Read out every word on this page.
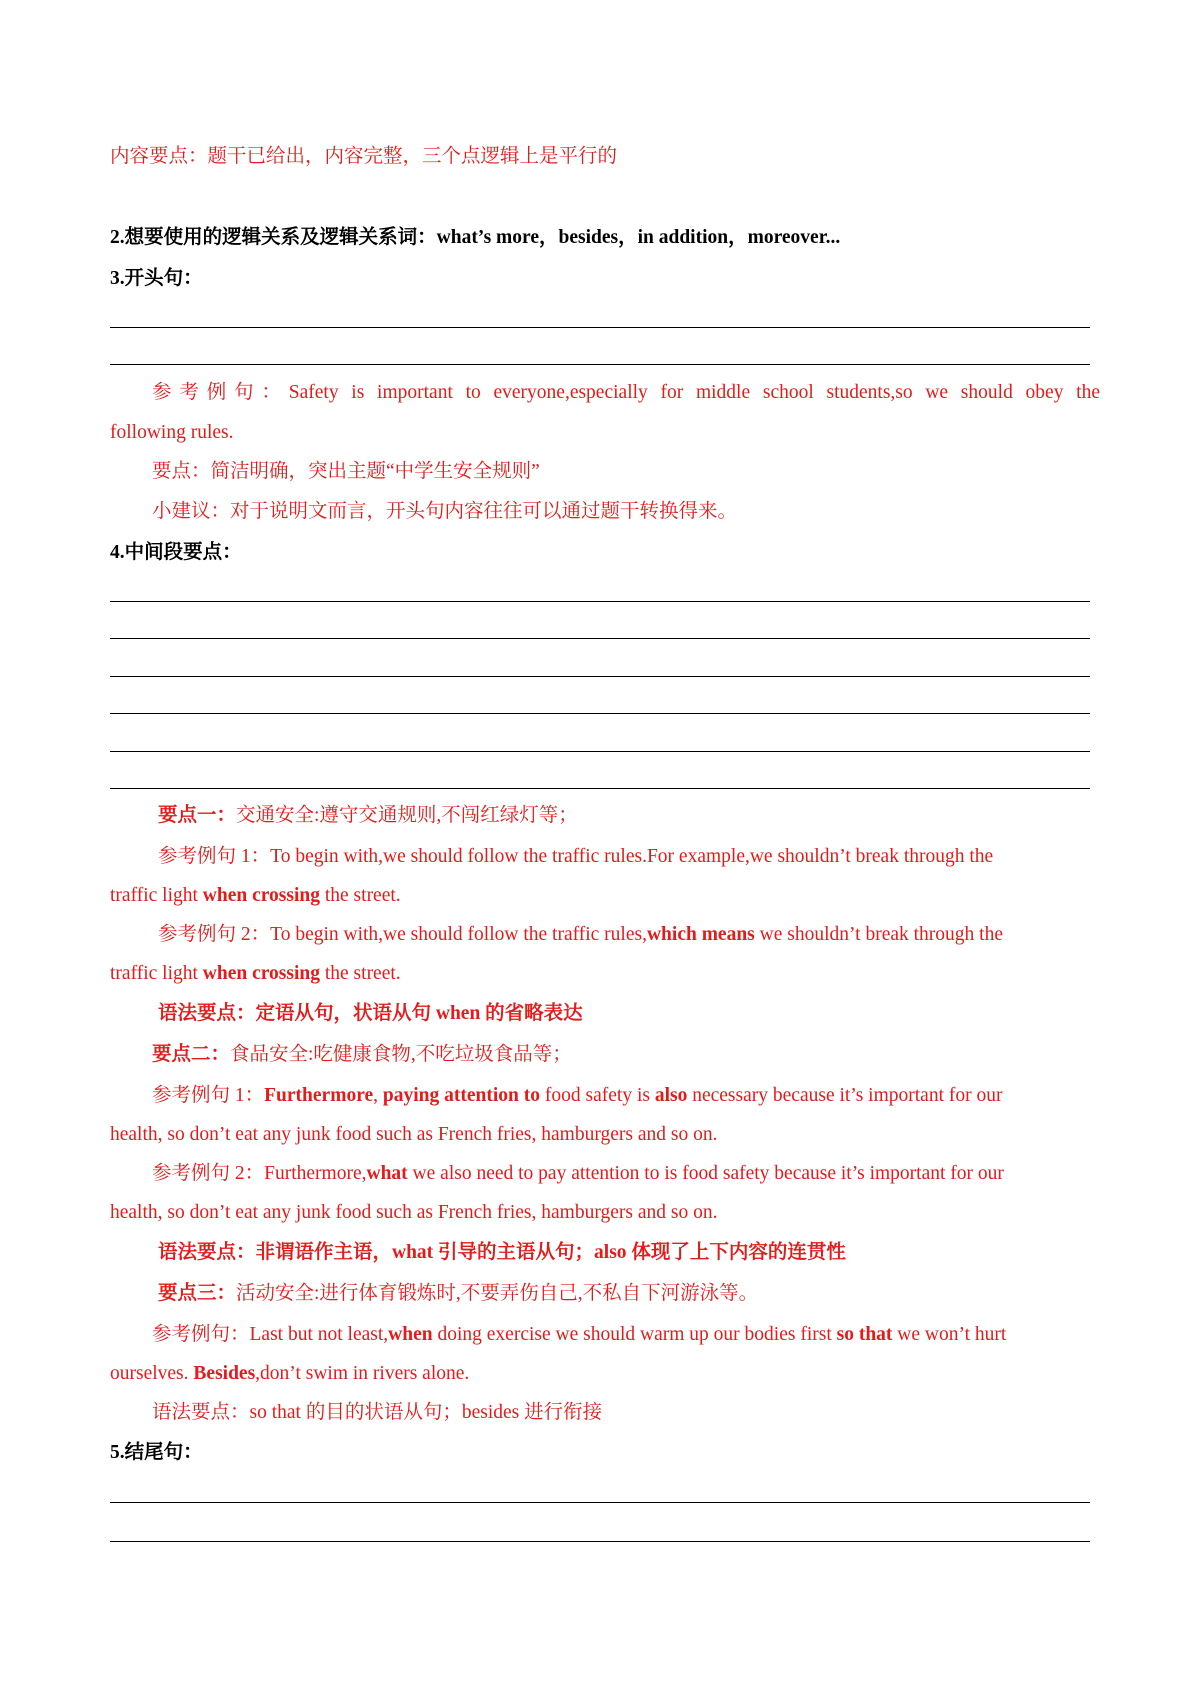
内容要点：题干已给出，内容完整，三个点逻辑上是平行的
2.想要使用的逻辑关系及逻辑关系词：what’s more，besides，in addition，moreover...
3.开头句：
参考例句：Safety is important to everyone,especially for middle school students,so we should obey the
following rules.
要点：简洁明确，突出主题“中学生安全规则”
小建议：对于说明文而言，开头句内容往往可以通过题干转换得来。
4.中间段要点：
要点一：交通安全:遵守交通规则,不闯红绿灯等；
参考例句 1：To begin with,we should follow the traffic rules.For example,we shouldn’t break through the
traffic light when crossing the street.
参考例句 2：To begin with,we should follow the traffic rules,which means we shouldn’t break through the
traffic light when crossing the street.
语法要点：定语从句，状语从句 when 的省略表达
要点二：食品安全:吃健康食物,不吃垃圾食品等；
参考例句 1：Furthermore, paying attention to food safety is also necessary because it’s important for our
health, so don’t eat any junk food such as French fries, hamburgers and so on.
参考例句 2：Furthermore,what we also need to pay attention to is food safety because it’s important for our
health, so don’t eat any junk food such as French fries, hamburgers and so on.
语法要点：非谓语作主语，what 引导的主语从句；also 体现了上下内容的连贯性
要点三：活动安全:进行体育锻炼时,不要弄伤自己,不私自下河游泳等。
参考例句：Last but not least,when doing exercise we should warm up our bodies first so that we won’t hurt
ourselves. Besides,don’t swim in rivers alone.
语法要点：so that 的目的状语从句；besides 进行衔接
5.结尾句：
